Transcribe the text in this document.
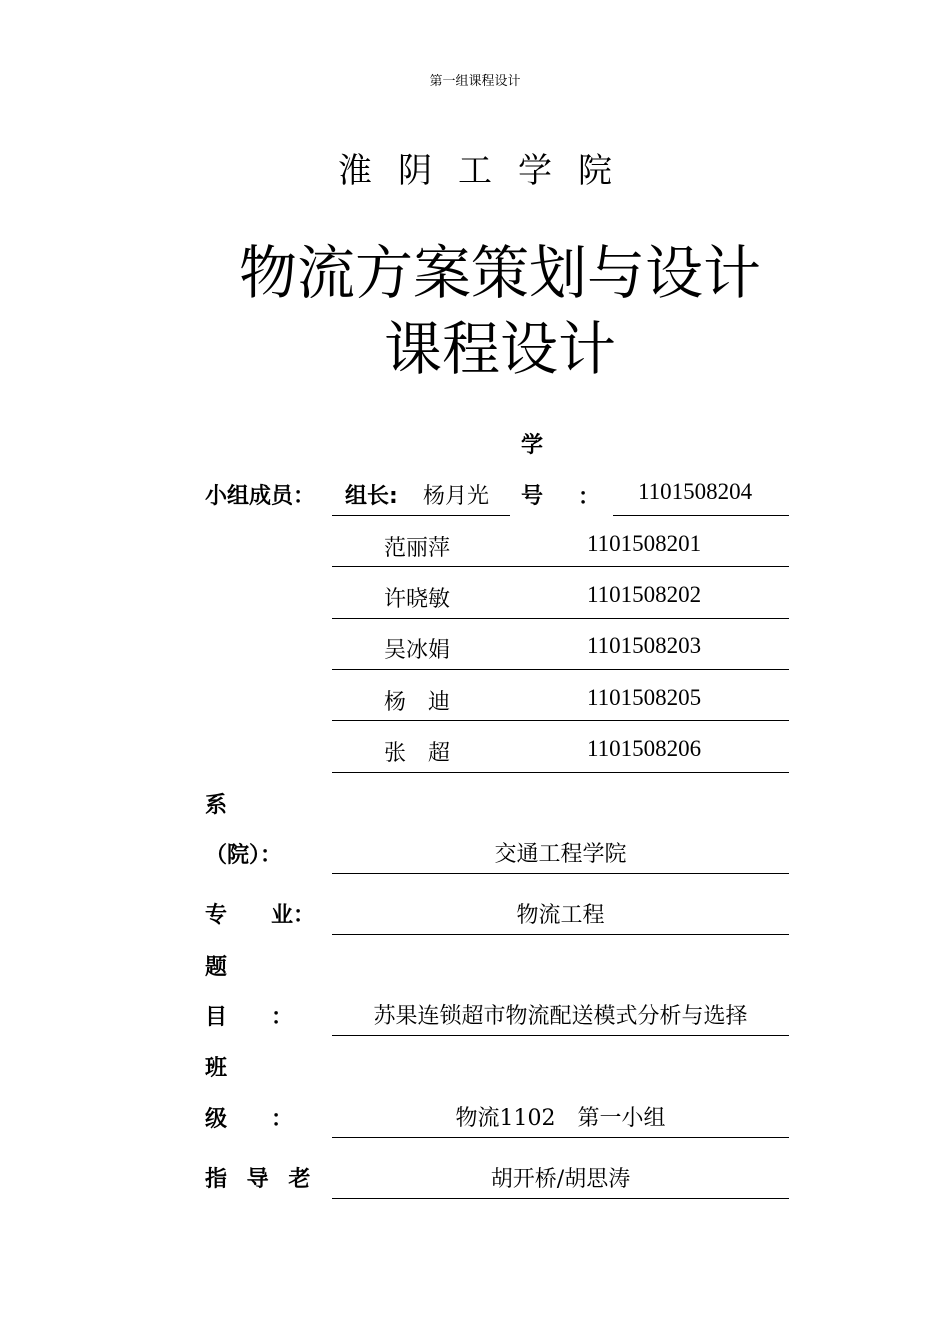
第一组课程设计
淮阴工学院
物流方案策划与设计
课程设计
学
小组成员： 组长: 杨月光 号 ： 1101508204
范丽萍	1101508201
许晓敏	1101508202
吴冰娟	1101508203
杨　迪	1101508205
张　超	1101508206
系
（院）：	交通工程学院
专　　业：	物流工程
题
目　　：	苏果连锁超市物流配送模式分析与选择
班
级　　：	物流1102　第一小组
指 导 老	胡开桥/胡思涛
